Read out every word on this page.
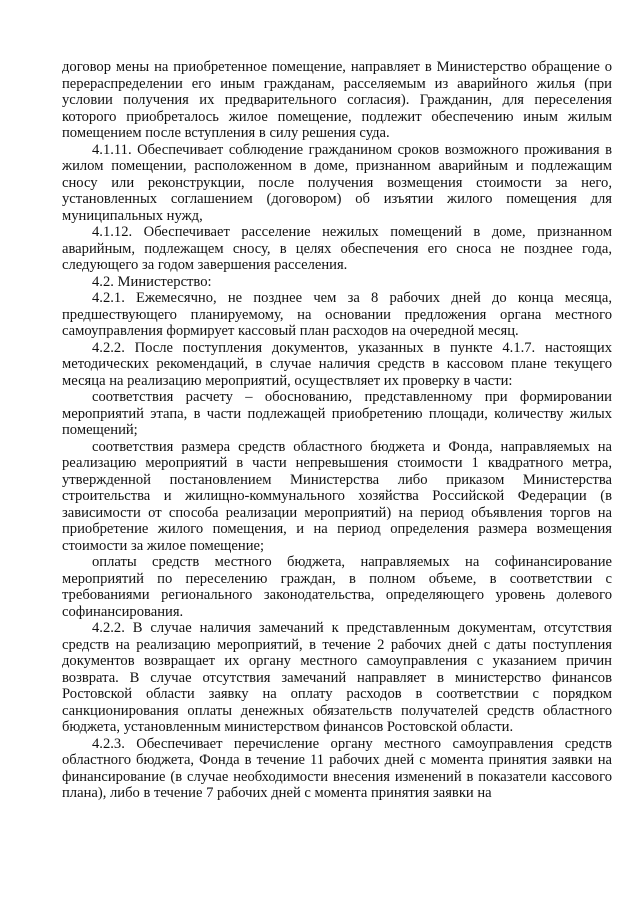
договор мены на приобретенное помещение, направляет в Министерство обращение о перераспределении его иным гражданам, расселяемым из аварийного жилья (при условии получения их предварительного согласия). Гражданин, для переселения которого приобреталось жилое помещение, подлежит обеспечению иным жилым помещением после вступления в силу решения суда.

4.1.11. Обеспечивает соблюдение гражданином сроков возможного проживания в жилом помещении, расположенном в доме, признанном аварийным и подлежащим сносу или реконструкции, после получения возмещения стоимости за него, установленных соглашением (договором) об изъятии жилого помещения для муниципальных нужд,

4.1.12. Обеспечивает расселение нежилых помещений в доме, признанном аварийным, подлежащем сносу, в целях обеспечения его сноса не позднее года, следующего за годом завершения расселения.

4.2. Министерство:

4.2.1. Ежемесячно, не позднее чем за 8 рабочих дней до конца месяца, предшествующего планируемому, на основании предложения органа местного самоуправления формирует кассовый план расходов на очередной месяц.

4.2.2. После поступления документов, указанных в пункте 4.1.7. настоящих методических рекомендаций, в случае наличия средств в кассовом плане текущего месяца на реализацию мероприятий, осуществляет их проверку в части:

соответствия расчету – обоснованию, представленному при формировании мероприятий этапа, в части подлежащей приобретению площади, количеству жилых помещений;

соответствия размера средств областного бюджета и Фонда, направляемых на реализацию мероприятий в части непревышения стоимости 1 квадратного метра, утвержденной постановлением Министерства либо приказом Министерства строительства и жилищно-коммунального хозяйства Российской Федерации (в зависимости от способа реализации мероприятий) на период объявления торгов на приобретение жилого помещения, и на период определения размера возмещения стоимости за жилое помещение;

оплаты средств местного бюджета, направляемых на софинансирование мероприятий по переселению граждан, в полном объеме, в соответствии с требованиями регионального законодательства, определяющего уровень долевого софинансирования.

4.2.2. В случае наличия замечаний к представленным документам, отсутствия средств на реализацию мероприятий, в течение 2 рабочих дней с даты поступления документов возвращает их органу местного самоуправления с указанием причин возврата. В случае отсутствия замечаний направляет в министерство финансов Ростовской области заявку на оплату расходов в соответствии с порядком санкционирования оплаты денежных обязательств получателей средств областного бюджета, установленным министерством финансов Ростовской области.

4.2.3. Обеспечивает перечисление органу местного самоуправления средств областного бюджета, Фонда в течение 11 рабочих дней с момента принятия заявки на финансирование (в случае необходимости внесения изменений в показатели кассового плана), либо в течение 7 рабочих дней с момента принятия заявки на
